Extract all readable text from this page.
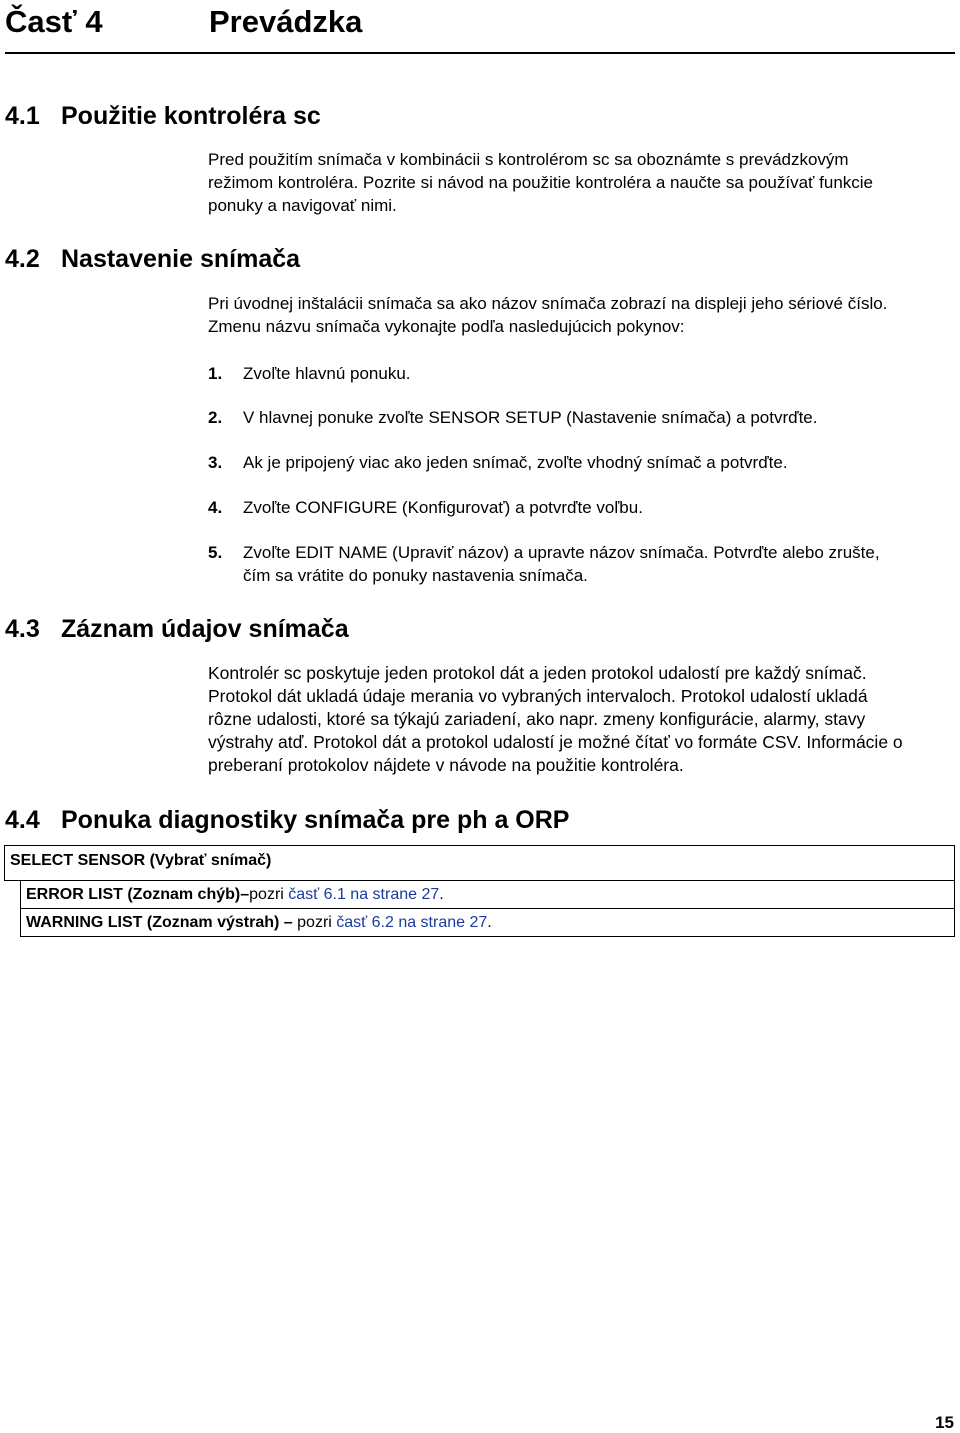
Časť 4	Prevádzka
4.1 Použitie kontroléra sc
Pred použitím snímača v kombinácii s kontrolérom sc sa oboznámte s prevádzkovým
režimom kontroléra. Pozrite si návod na použitie kontroléra a naučte sa používať funkcie
ponuky a navigovať nimi.
4.2 Nastavenie snímača
Pri úvodnej inštalácii snímača sa ako názov snímača zobrazí na displeji jeho sériové číslo.
Zmenu názvu snímača vykonajte podľa nasledujúcich pokynov:
1. Zvoľte hlavnú ponuku.
2. V hlavnej ponuke zvoľte SENSOR SETUP (Nastavenie snímača) a potvrďte.
3. Ak je pripojený viac ako jeden snímač, zvoľte vhodný snímač a potvrďte.
4. Zvoľte CONFIGURE (Konfigurovať) a potvrďte voľbu.
5. Zvoľte EDIT NAME (Upraviť názov) a upravte názov snímača. Potvrďte alebo zrušte,
čím sa vrátite do ponuky nastavenia snímača.
4.3 Záznam údajov snímača
Kontrolér sc poskytuje jeden protokol dát a jeden protokol udalostí pre každý snímač.
Protokol dát ukladá údaje merania vo vybraných intervaloch. Protokol udalostí ukladá
rôzne udalosti, ktoré sa týkajú zariadení, ako napr. zmeny konfigurácie, alarmy, stavy
výstrahy atď. Protokol dát a protokol udalostí je možné čítať vo formáte CSV. Informácie o
preberaní protokolov nájdete v návode na použitie kontroléra.
4.4 Ponuka diagnostiky snímača pre ph a ORP
SELECT SENSOR (Vybrať snímač)
ERROR LIST (Zoznam chýb)–pozri časť 6.1 na strane 27.
WARNING LIST (Zoznam výstrah) – pozri časť 6.2 na strane 27.
15
